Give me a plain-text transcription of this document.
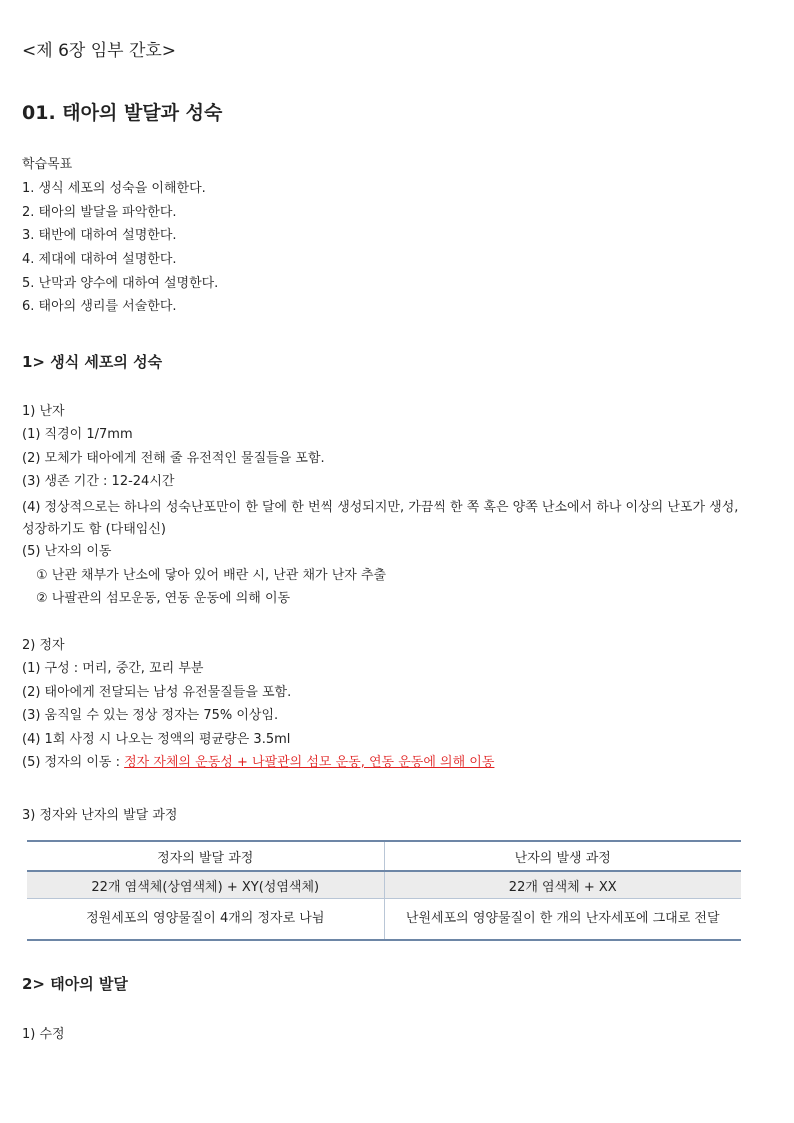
<제 6장 임부 간호>
01. 태아의 발달과 성숙
학습목표
1. 생식 세포의 성숙을 이해한다.
2. 태아의 발달을 파악한다.
3. 태반에 대하여 설명한다.
4. 제대에 대하여 설명한다.
5. 난막과 양수에 대하여 설명한다.
6. 태아의 생리를 서술한다.
1> 생식 세포의 성숙
1) 난자
(1) 직경이 1/7mm
(2) 모체가 태아에게 전해 줄 유전적인 물질들을 포함.
(3) 생존 기간 : 12-24시간
(4) 정상적으로는 하나의 성숙난포만이 한 달에 한 번씩 생성되지만, 가끔씩 한 쪽 혹은 양쪽 난소에서 하나 이상의 난포가 생성, 성장하기도 함 (다태임신)
(5) 난자의 이동
① 난관 채부가 난소에 닿아 있어 배란 시, 난관 채가 난자 추출
② 나팔관의 섬모운동, 연동 운동에 의해 이동
2) 정자
(1) 구성 : 머리, 중간, 꼬리 부분
(2) 태아에게 전달되는 남성 유전물질들을 포함.
(3) 움직일 수 있는 정상 정자는 75% 이상임.
(4) 1회 사정 시 나오는 정액의 평균량은 3.5ml
(5) 정자의 이동 : 정자 자체의 운동성 + 나팔관의 섬모 운동, 연동 운동에 의해 이동
3) 정자와 난자의 발달 과정
정자의 발달 과정	난자의 발생 과정
22개 염색체(상염색체) + XY(성염색체)	22개 염색체 + XX
정원세포의 영양물질이 4개의 정자로 나뉨	난원세포의 영양물질이 한 개의 난자세포에 그대로 전달
2> 태아의 발달
1) 수정
